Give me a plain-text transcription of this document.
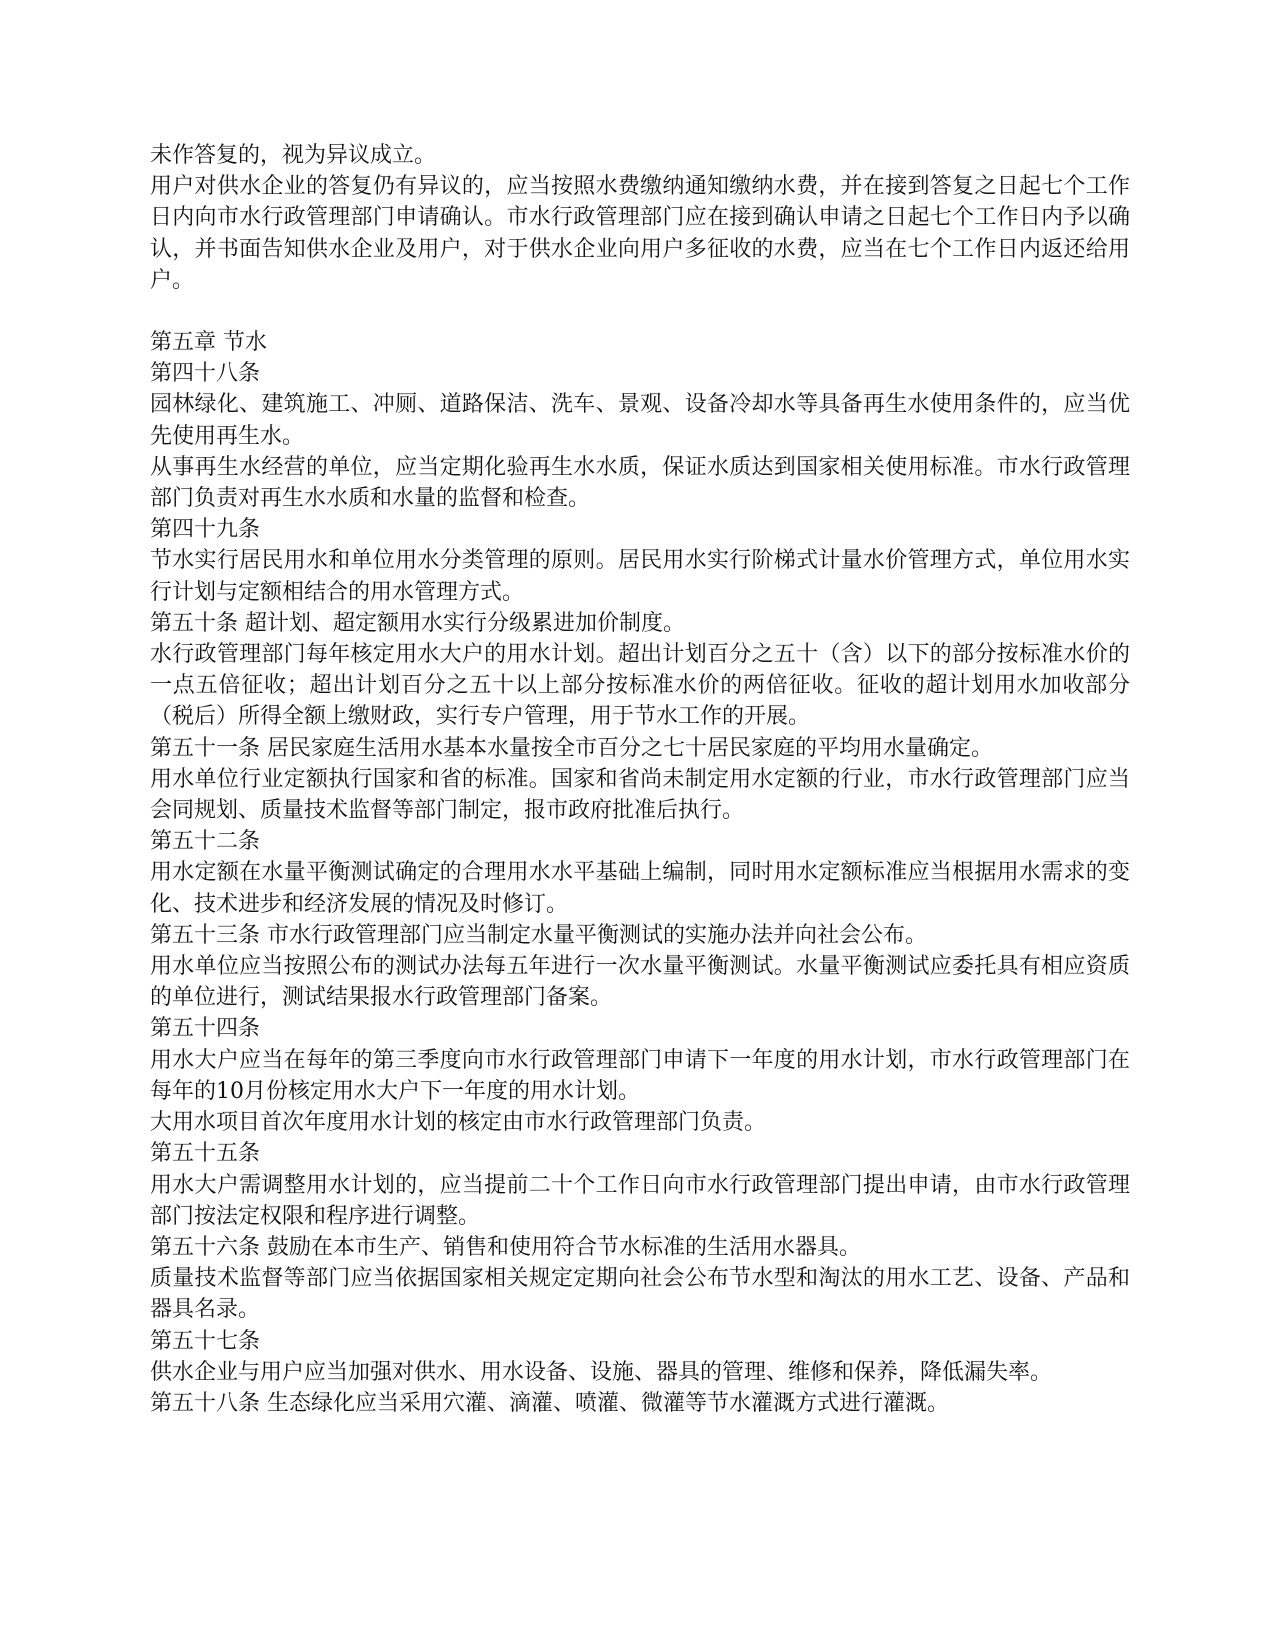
未作答复的，视为异议成立。

用户对供水企业的答复仍有异议的，应当按照水费缴纳通知缴纳水费，并在接到答复之日起七个工作日内向市水行政管理部门申请确认。市水行政管理部门应在接到确认申请之日起七个工作日内予以确认，并书面告知供水企业及用户，对于供水企业向用户多征收的水费，应当在七个工作日内返还给用户。

第五章 节水

第四十八条

园林绿化、建筑施工、冲厕、道路保洁、洗车、景观、设备冷却水等具备再生水使用条件的，应当优先使用再生水。

从事再生水经营的单位，应当定期化验再生水水质，保证水质达到国家相关使用标准。市水行政管理部门负责对再生水水质和水量的监督和检查。

第四十九条

节水实行居民用水和单位用水分类管理的原则。居民用水实行阶梯式计量水价管理方式，单位用水实行计划与定额相结合的用水管理方式。

第五十条 超计划、超定额用水实行分级累进加价制度。

水行政管理部门每年核定用水大户的用水计划。超出计划百分之五十（含）以下的部分按标准水价的一点五倍征收；超出计划百分之五十以上部分按标准水价的两倍征收。征收的超计划用水加收部分（税后）所得全额上缴财政，实行专户管理，用于节水工作的开展。

第五十一条 居民家庭生活用水基本水量按全市百分之七十居民家庭的平均用水量确定。

用水单位行业定额执行国家和省的标准。国家和省尚未制定用水定额的行业，市水行政管理部门应当会同规划、质量技术监督等部门制定，报市政府批准后执行。

第五十二条

用水定额在水量平衡测试确定的合理用水水平基础上编制，同时用水定额标准应当根据用水需求的变化、技术进步和经济发展的情况及时修订。

第五十三条 市水行政管理部门应当制定水量平衡测试的实施办法并向社会公布。

用水单位应当按照公布的测试办法每五年进行一次水量平衡测试。水量平衡测试应委托具有相应资质的单位进行，测试结果报水行政管理部门备案。

第五十四条

用水大户应当在每年的第三季度向市水行政管理部门申请下一年度的用水计划，市水行政管理部门在每年的10月份核定用水大户下一年度的用水计划。

大用水项目首次年度用水计划的核定由市水行政管理部门负责。

第五十五条

用水大户需调整用水计划的，应当提前二十个工作日向市水行政管理部门提出申请，由市水行政管理部门按法定权限和程序进行调整。

第五十六条 鼓励在本市生产、销售和使用符合节水标准的生活用水器具。

质量技术监督等部门应当依据国家相关规定定期向社会公布节水型和淘汰的用水工艺、设备、产品和器具名录。

第五十七条

供水企业与用户应当加强对供水、用水设备、设施、器具的管理、维修和保养，降低漏失率。

第五十八条 生态绿化应当采用穴灌、滴灌、喷灌、微灌等节水灌溉方式进行灌溉。
